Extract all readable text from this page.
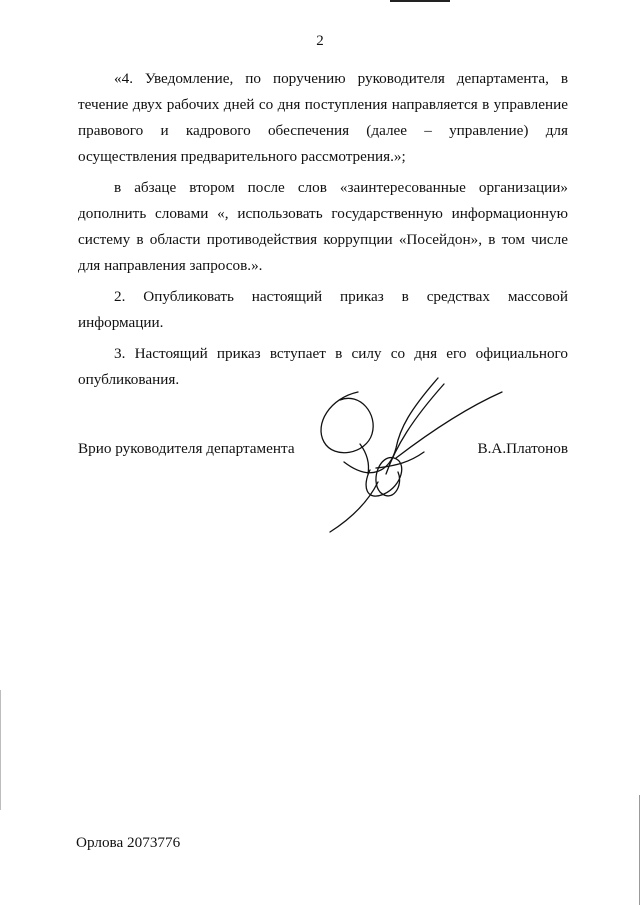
2

«4. Уведомление, по поручению руководителя департамента, в течение двух рабочих дней со дня поступления направляется в управление правового и кадрового обеспечения (далее – управление) для осуществления предварительного рассмотрения.»;

в абзаце втором после слов «заинтересованные организации» дополнить словами «, использовать государственную информационную систему в области противодействия коррупции «Посейдон», в том числе для направления запросов.».

2. Опубликовать настоящий приказ в средствах массовой информации.

3. Настоящий приказ вступает в силу со дня его официального опубликования.

Врио руководителя департамента	В.А.Платонов
Орлова 2073776
